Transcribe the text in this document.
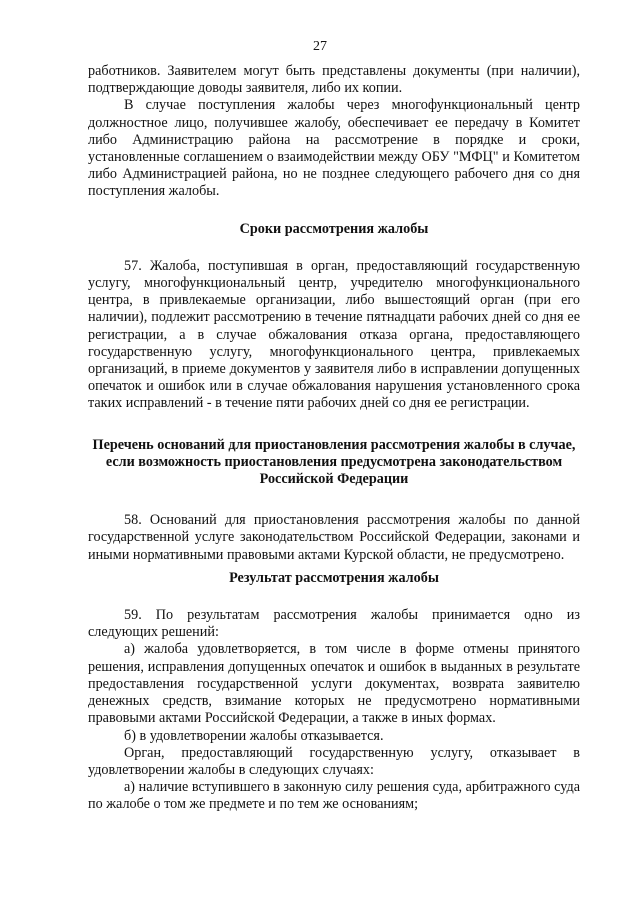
27

работников. Заявителем могут быть представлены документы (при наличии), подтверждающие доводы заявителя, либо их копии.

В случае поступления жалобы через многофункциональный центр должностное лицо, получившее жалобу, обеспечивает ее передачу в Комитет либо Администрацию района на рассмотрение в порядке и сроки, установленные соглашением о взаимодействии между ОБУ "МФЦ" и Комитетом либо Администрацией района, но не позднее следующего рабочего дня со дня поступления жалобы.

Сроки рассмотрения жалобы

57. Жалоба, поступившая в орган, предоставляющий государственную услугу, многофункциональный центр, учредителю многофункционального центра, в привлекаемые организации, либо вышестоящий орган (при его наличии), подлежит рассмотрению в течение пятнадцати рабочих дней со дня ее регистрации, а в случае обжалования отказа органа, предоставляющего государственную услугу, многофункционального центра, привлекаемых организаций, в приеме документов у заявителя либо в исправлении допущенных опечаток и ошибок или в случае обжалования нарушения установленного срока таких исправлений - в течение пяти рабочих дней со дня ее регистрации.

Перечень оснований для приостановления рассмотрения жалобы в случае, если возможность приостановления предусмотрена законодательством Российской Федерации

58. Оснований для приостановления рассмотрения жалобы по данной государственной услуге законодательством Российской Федерации, законами и иными нормативными правовыми актами Курской области, не предусмотрено.

Результат рассмотрения жалобы

59. По результатам рассмотрения жалобы принимается одно из следующих решений:

а) жалоба удовлетворяется, в том числе в форме отмены принятого решения, исправления допущенных опечаток и ошибок в выданных в результате предоставления государственной услуги документах, возврата заявителю денежных средств, взимание которых не предусмотрено нормативными правовыми актами Российской Федерации, а также в иных формах.

б) в удовлетворении жалобы отказывается.

Орган, предоставляющий государственную услугу, отказывает в удовлетворении жалобы в следующих случаях:

а) наличие вступившего в законную силу решения суда, арбитражного суда по жалобе о том же предмете и по тем же основаниям;
